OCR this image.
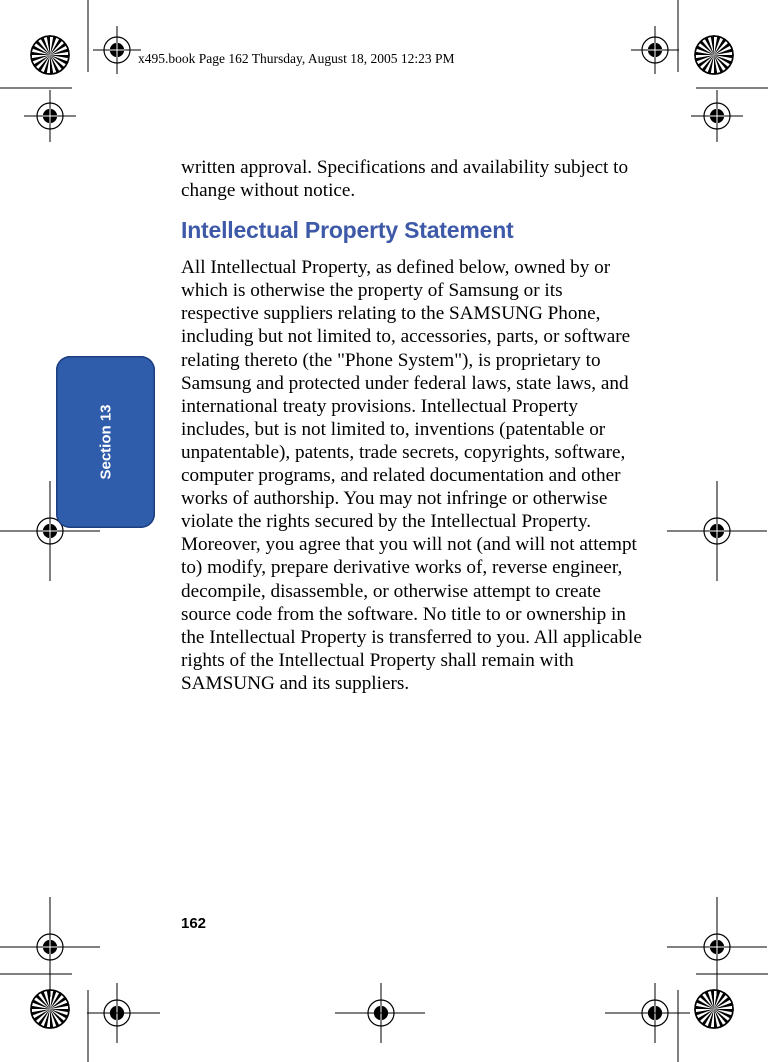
x495.book Page 162 Thursday, August 18, 2005 12:23 PM
Section 13

written approval. Specifications and availability subject to change without notice.

Intellectual Property Statement

All Intellectual Property, as defined below, owned by or which is otherwise the property of Samsung or its respective suppliers relating to the SAMSUNG Phone, including but not limited to, accessories, parts, or software relating thereto (the "Phone System"), is proprietary to Samsung and protected under federal laws, state laws, and international treaty provisions. Intellectual Property includes, but is not limited to, inventions (patentable or unpatentable), patents, trade secrets, copyrights, software, computer programs, and related documentation and other works of authorship. You may not infringe or otherwise violate the rights secured by the Intellectual Property. Moreover, you agree that you will not (and will not attempt to) modify, prepare derivative works of, reverse engineer, decompile, disassemble, or otherwise attempt to create source code from the software. No title to or ownership in the Intellectual Property is transferred to you. All applicable rights of the Intellectual Property shall remain with SAMSUNG and its suppliers.

162
